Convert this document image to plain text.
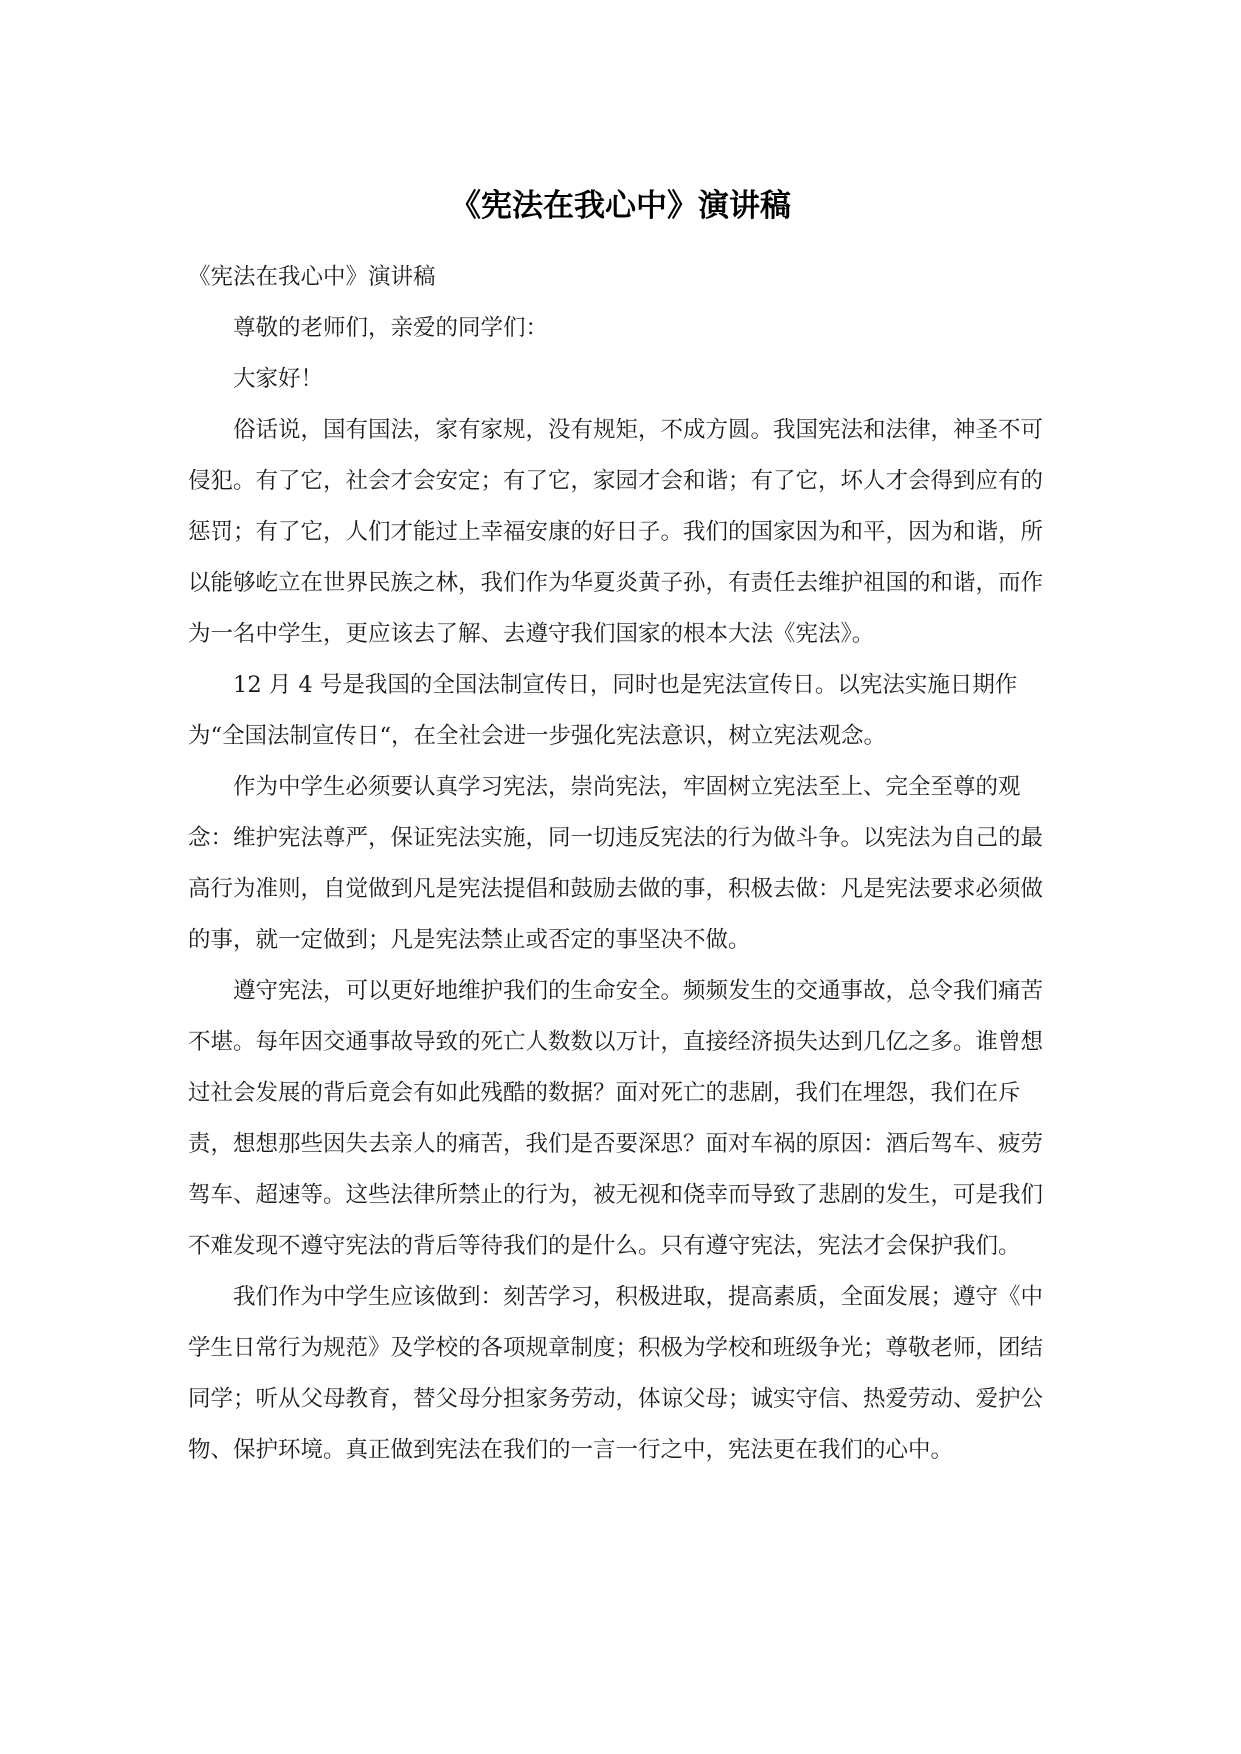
《宪法在我心中》演讲稿

《宪法在我心中》演讲稿

尊敬的老师们，亲爱的同学们：

大家好！

俗话说，国有国法，家有家规，没有规矩，不成方圆。我国宪法和法律，神圣不可侵犯。有了它，社会才会安定；有了它，家园才会和谐；有了它，坏人才会得到应有的惩罚；有了它，人们才能过上幸福安康的好日子。我们的国家因为和平，因为和谐，所以能够屹立在世界民族之林，我们作为华夏炎黄子孙，有责任去维护祖国的和谐，而作为一名中学生，更应该去了解、去遵守我们国家的根本大法《宪法》。

12 月 4 号是我国的全国法制宣传日，同时也是宪法宣传日。以宪法实施日期作为“全国法制宣传日“，在全社会进一步强化宪法意识，树立宪法观念。

作为中学生必须要认真学习宪法，崇尚宪法，牢固树立宪法至上、完全至尊的观念：维护宪法尊严，保证宪法实施，同一切违反宪法的行为做斗争。以宪法为自己的最高行为准则，自觉做到凡是宪法提倡和鼓励去做的事，积极去做：凡是宪法要求必须做的事，就一定做到；凡是宪法禁止或否定的事坚决不做。

遵守宪法，可以更好地维护我们的生命安全。频频发生的交通事故，总令我们痛苦不堪。每年因交通事故导致的死亡人数数以万计，直接经济损失达到几亿之多。谁曾想过社会发展的背后竟会有如此残酷的数据？面对死亡的悲剧，我们在埋怨，我们在斥责，想想那些因失去亲人的痛苦，我们是否要深思？面对车祸的原因：酒后驾车、疲劳驾车、超速等。这些法律所禁止的行为，被无视和侥幸而导致了悲剧的发生，可是我们不难发现不遵守宪法的背后等待我们的是什么。只有遵守宪法，宪法才会保护我们。

我们作为中学生应该做到：刻苦学习，积极进取，提高素质，全面发展；遵守《中学生日常行为规范》及学校的各项规章制度；积极为学校和班级争光；尊敬老师，团结同学；听从父母教育，替父母分担家务劳动，体谅父母；诚实守信、热爱劳动、爱护公物、保护环境。真正做到宪法在我们的一言一行之中，宪法更在我们的心中。
